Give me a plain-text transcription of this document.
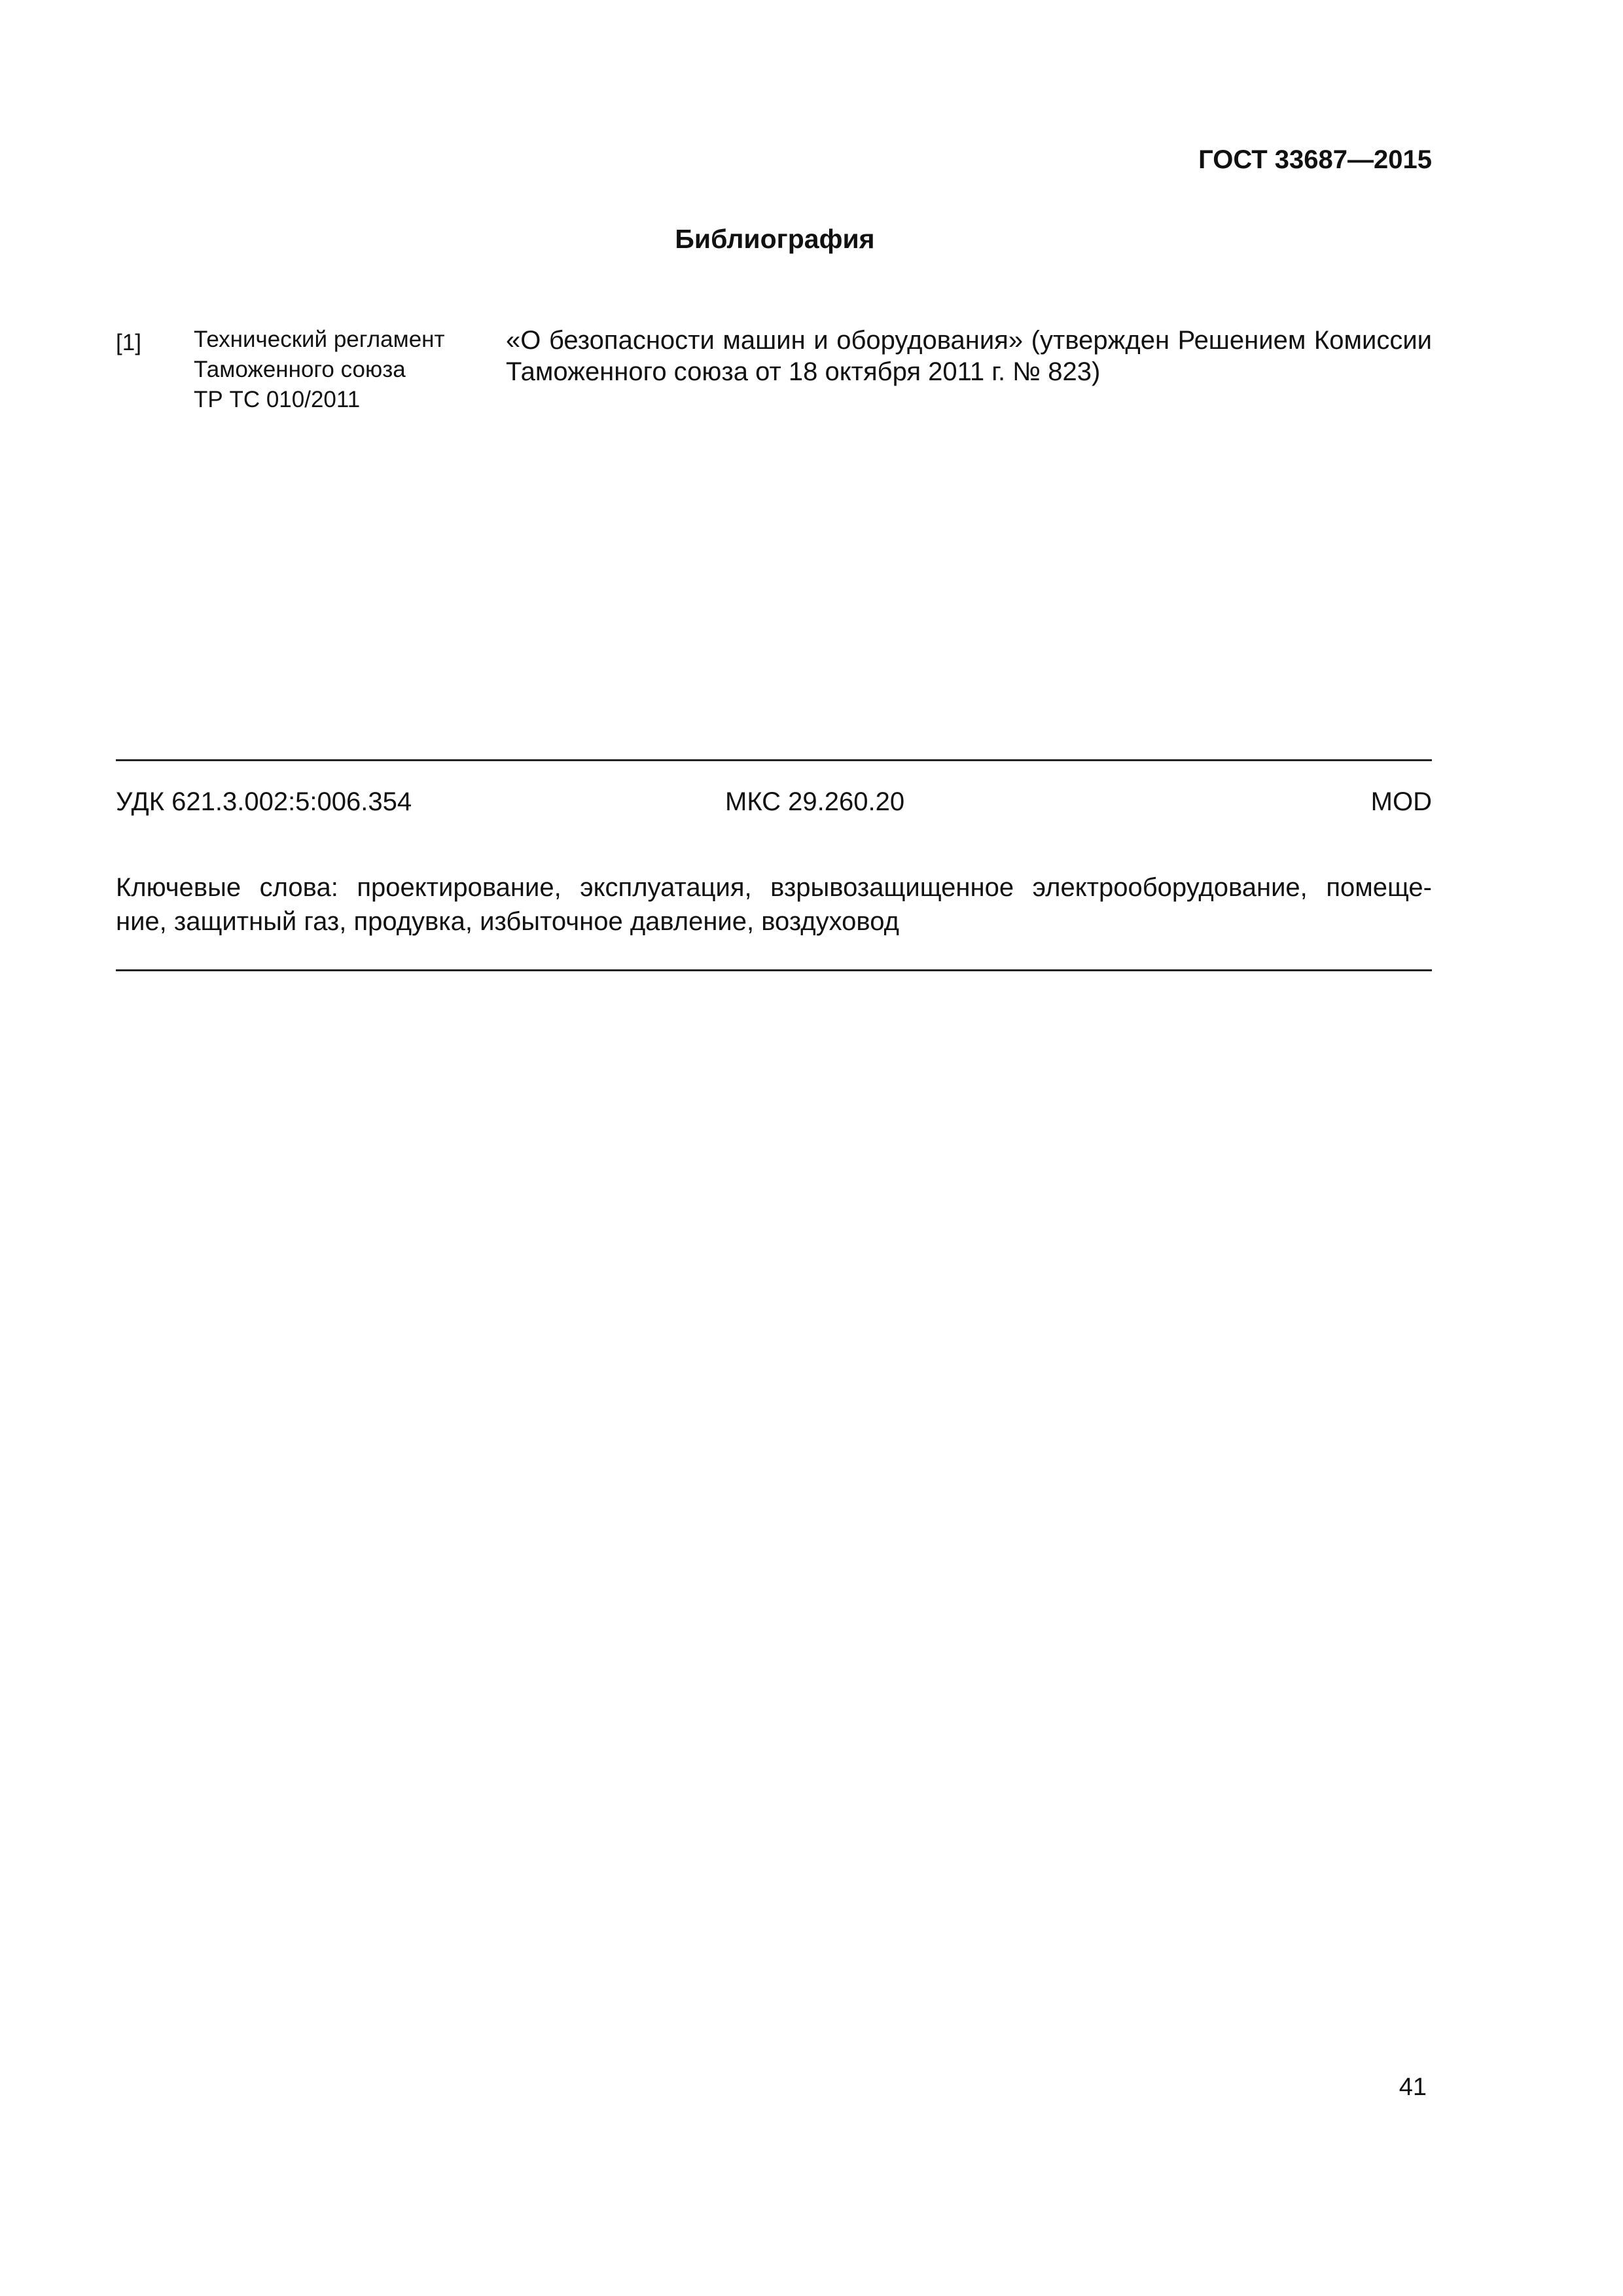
ГОСТ 33687—2015
Библиография
[1] Технический регламент
Таможенного союза
ТР ТС 010/2011
«О безопасности машин и оборудования» (утвержден Решением Комиссии
Таможенного союза от 18 октября 2011 г. № 823)
УДК 621.3.002:5:006.354	МКС 29.260.20	MOD
Ключевые слова: проектирование, эксплуатация, взрывозащищенное электрооборудование, помеще-
ние, защитный газ, продувка, избыточное давление, воздуховод
41
